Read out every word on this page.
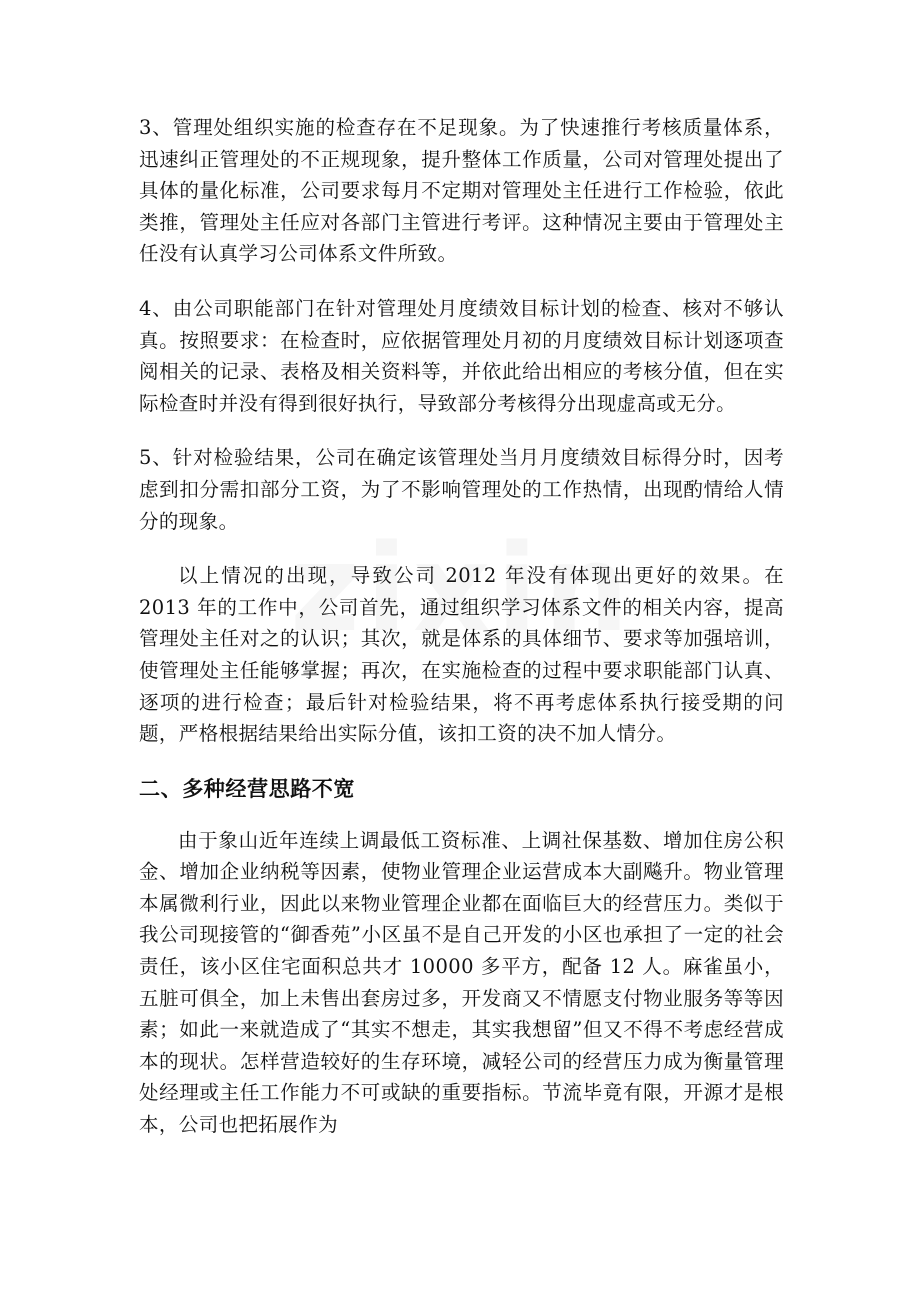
3、管理处组织实施的检查存在不足现象。为了快速推行考核质量体系，迅速纠正管理处的不正规现象，提升整体工作质量，公司对管理处提出了具体的量化标准，公司要求每月不定期对管理处主任进行工作检验，依此类推，管理处主任应对各部门主管进行考评。这种情况主要由于管理处主任没有认真学习公司体系文件所致。

4、由公司职能部门在针对管理处月度绩效目标计划的检查、核对不够认真。按照要求：在检查时，应依据管理处月初的月度绩效目标计划逐项查阅相关的记录、表格及相关资料等，并依此给出相应的考核分值，但在实际检查时并没有得到很好执行，导致部分考核得分出现虚高或无分。

5、针对检验结果，公司在确定该管理处当月月度绩效目标得分时，因考虑到扣分需扣部分工资，为了不影响管理处的工作热情，出现酌情给人情分的现象。

以上情况的出现，导致公司 2012 年没有体现出更好的效果。在 2013 年的工作中，公司首先，通过组织学习体系文件的相关内容，提高管理处主任对之的认识；其次，就是体系的具体细节、要求等加强培训，使管理处主任能够掌握；再次，在实施检查的过程中要求职能部门认真、逐项的进行检查；最后针对检验结果，将不再考虑体系执行接受期的问题，严格根据结果给出实际分值，该扣工资的决不加人情分。

二、多种经营思路不宽

由于象山近年连续上调最低工资标准、上调社保基数、增加住房公积金、增加企业纳税等因素，使物业管理企业运营成本大副飚升。物业管理本属微利行业，因此以来物业管理企业都在面临巨大的经营压力。类似于我公司现接管的“御香苑”小区虽不是自己开发的小区也承担了一定的社会责任，该小区住宅面积总共才 10000 多平方，配备 12 人。麻雀虽小，五脏可俱全，加上未售出套房过多，开发商又不情愿支付物业服务等等因素；如此一来就造成了“其实不想走，其实我想留”但又不得不考虑经营成本的现状。怎样营造较好的生存环境，减轻公司的经营压力成为衡量管理处经理或主任工作能力不可或缺的重要指标。节流毕竟有限，开源才是根本，公司也把拓展作为
